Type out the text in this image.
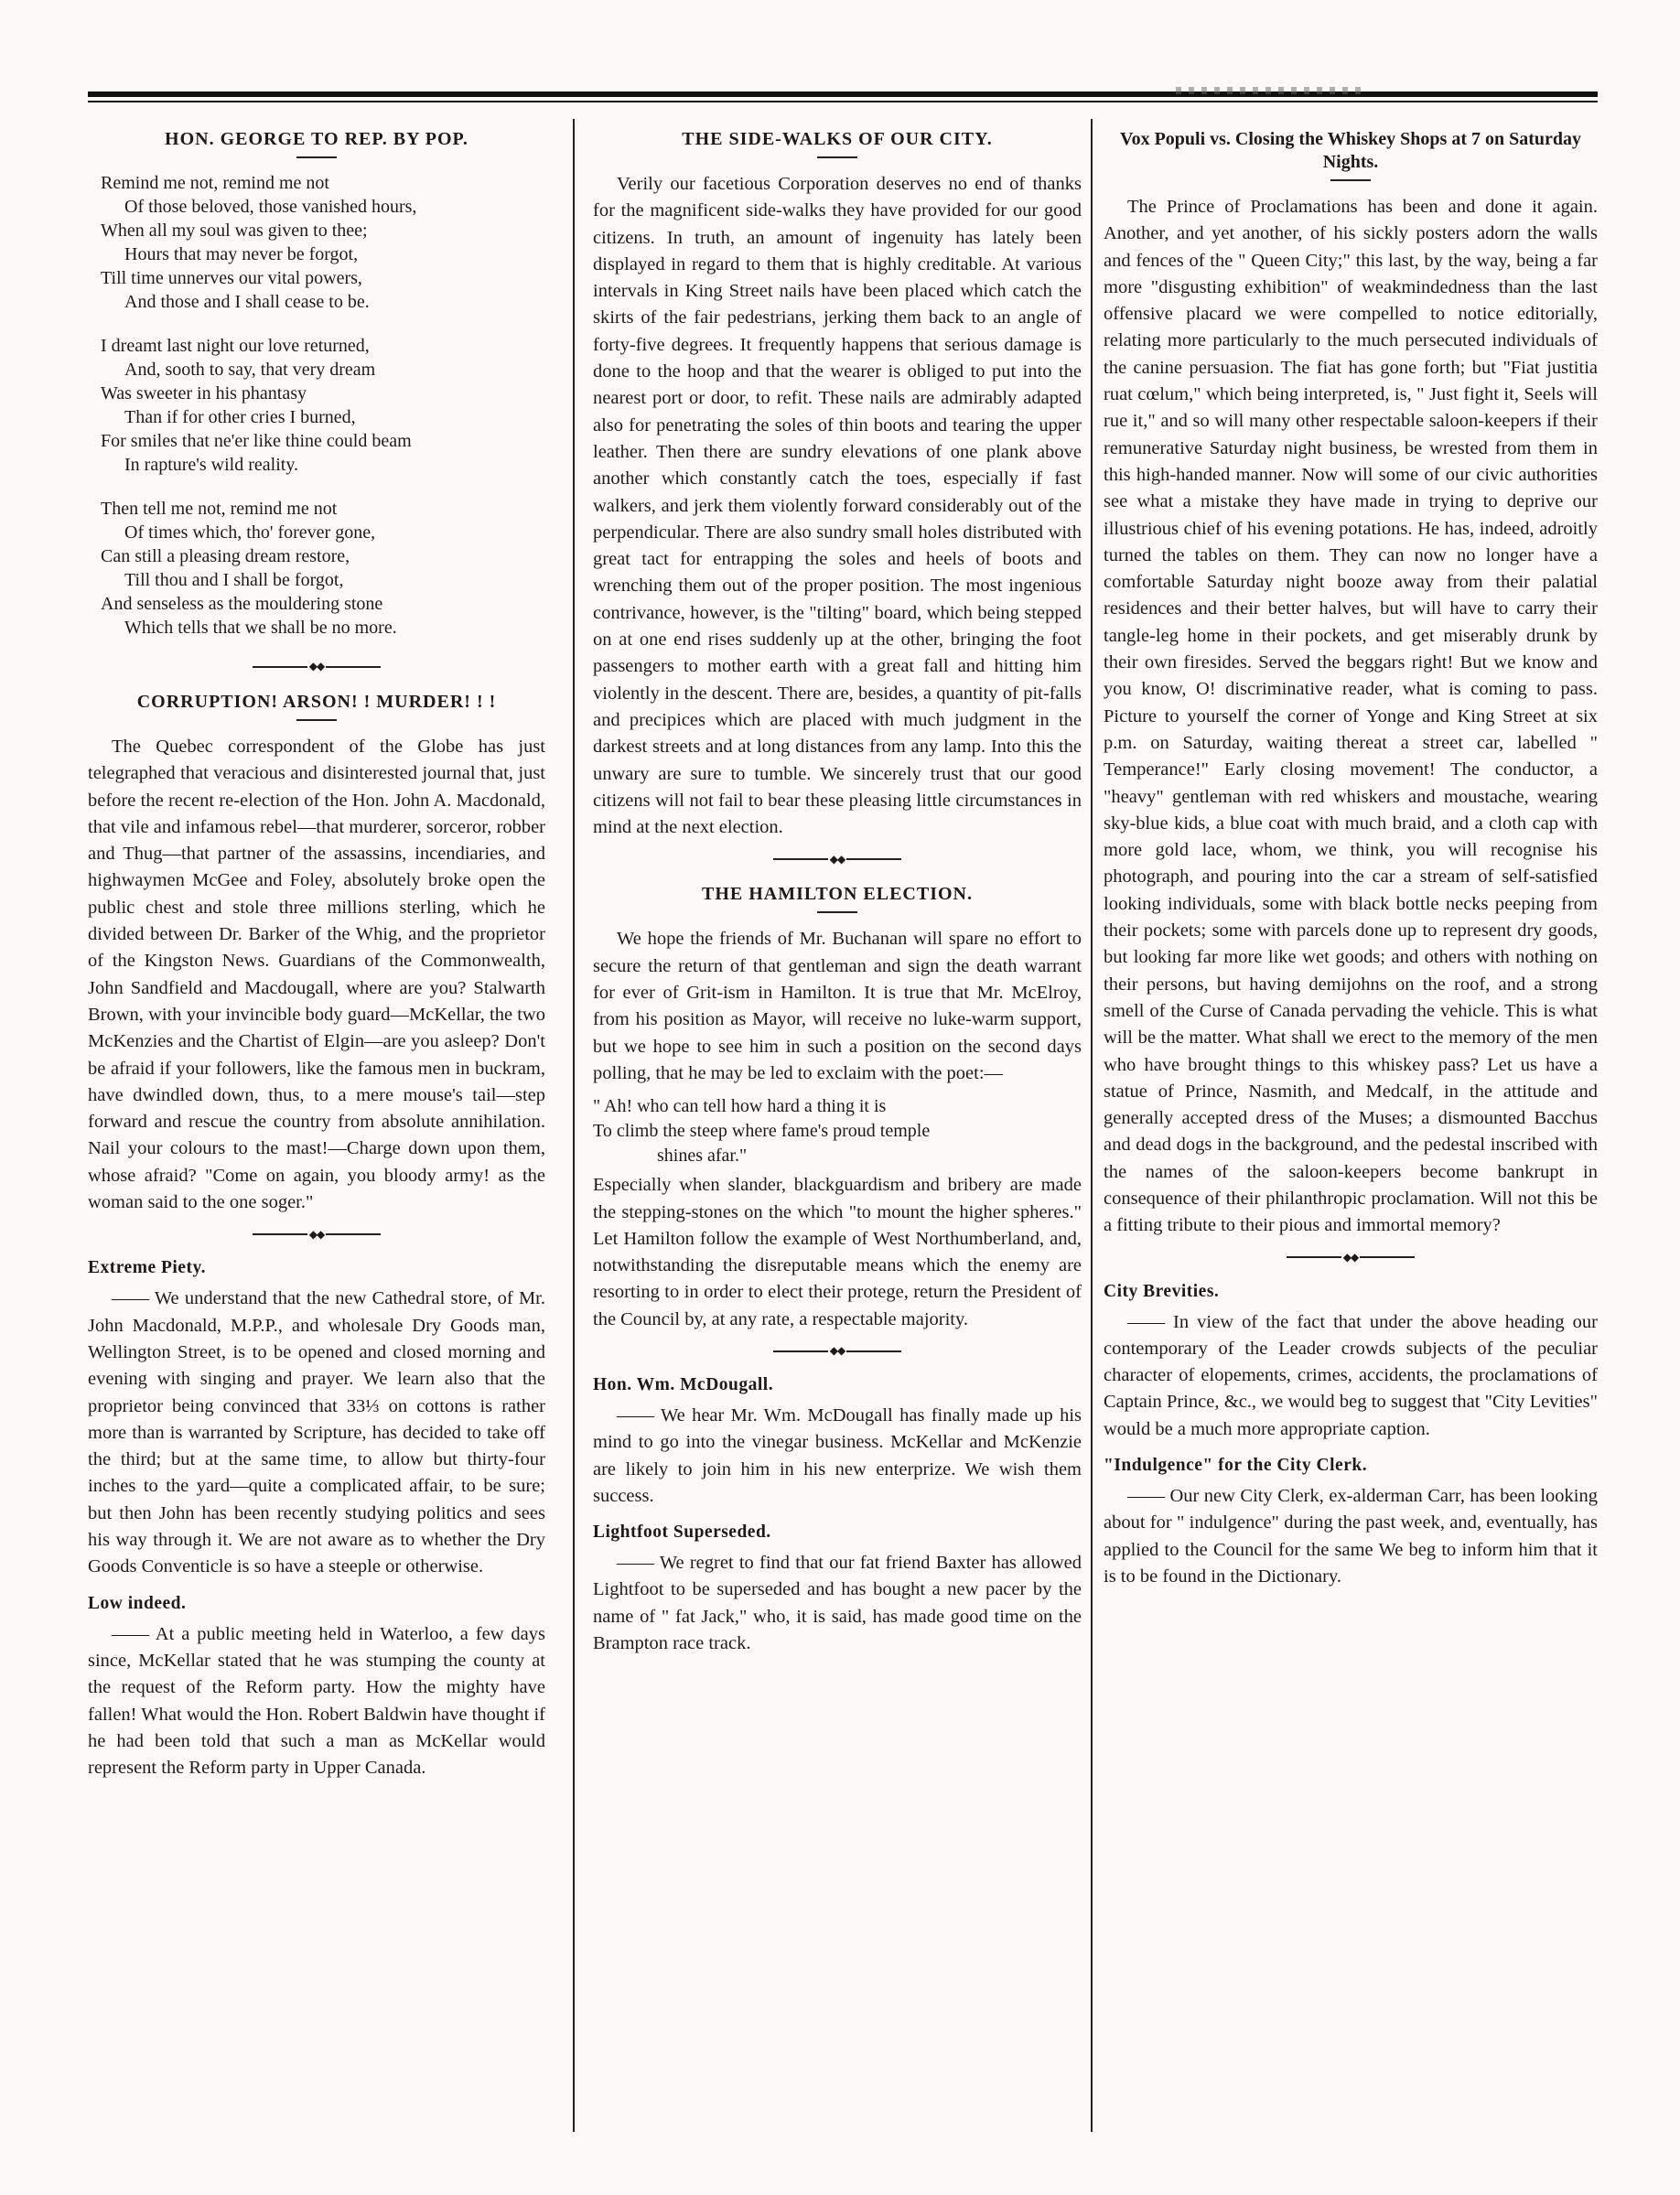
HON. GEORGE TO REP. BY POP.
Remind me not, remind me not
Of those beloved, those vanished hours,
When all my soul was given to thee;
Hours that may never be forgot,
Till time unnerves our vital powers,
And those and I shall cease to be.
I dreamt last night our love returned,
And, sooth to say, that very dream
Was sweeter in his phantasy
Than if for other cries I burned,
For smiles that ne'er like thine could beam
In rapture's wild reality.
Then tell me not, remind me not
Of times which, tho' forever gone,
Can still a pleasing dream restore,
Till thou and I shall be forgot,
And senseless as the mouldering stone
Which tells that we shall be no more.
◆◆
CORRUPTION! ARSON! ! MURDER! ! !

The Quebec correspondent of the Globe has just telegraphed that veracious and disinterested journal that, just before the recent re-election of the Hon. John A. Macdonald, that vile and infamous rebel—that murderer, sorceror, robber and Thug—that partner of the assassins, incendiaries, and highwaymen McGee and Foley, absolutely broke open the public chest and stole three millions sterling, which he divided between Dr. Barker of the Whig, and the proprietor of the Kingston News. Guardians of the Commonwealth, John Sandfield and Macdougall, where are you? Stalwarth Brown, with your invincible body guard—McKellar, the two McKenzies and the Chartist of Elgin—are you asleep? Don't be afraid if your followers, like the famous men in buckram, have dwindled down, thus, to a mere mouse's tail—step forward and rescue the country from absolute annihilation. Nail your colours to the mast!—Charge down upon them, whose afraid? "Come on again, you bloody army! as the woman said to the one soger."

◆◆
Extreme Piety.

—— We understand that the new Cathedral store, of Mr. John Macdonald, M.P.P., and wholesale Dry Goods man, Wellington Street, is to be opened and closed morning and evening with singing and prayer. We learn also that the proprietor being convinced that 33⅓ on cottons is rather more than is warranted by Scripture, has decided to take off the third; but at the same time, to allow but thirty-four inches to the yard—quite a complicated affair, to be sure; but then John has been recently studying politics and sees his way through it. We are not aware as to whether the Dry Goods Conventicle is so have a steeple or otherwise.

Low indeed.

—— At a public meeting held in Waterloo, a few days since, McKellar stated that he was stumping the county at the request of the Reform party. How the mighty have fallen! What would the Hon. Robert Baldwin have thought if he had been told that such a man as McKellar would represent the Reform party in Upper Canada.

THE SIDE-WALKS OF OUR CITY.

Verily our facetious Corporation deserves no end of thanks for the magnificent side-walks they have provided for our good citizens. In truth, an amount of ingenuity has lately been displayed in regard to them that is highly creditable. At various intervals in King Street nails have been placed which catch the skirts of the fair pedestrians, jerking them back to an angle of forty-five degrees. It frequently happens that serious damage is done to the hoop and that the wearer is obliged to put into the nearest port or door, to refit. These nails are admirably adapted also for penetrating the soles of thin boots and tearing the upper leather. Then there are sundry elevations of one plank above another which constantly catch the toes, especially if fast walkers, and jerk them violently forward considerably out of the perpendicular. There are also sundry small holes distributed with great tact for entrapping the soles and heels of boots and wrenching them out of the proper position. The most ingenious contrivance, however, is the "tilting" board, which being stepped on at one end rises suddenly up at the other, bringing the foot passengers to mother earth with a great fall and hitting him violently in the descent. There are, besides, a quantity of pit-falls and precipices which are placed with much judgment in the darkest streets and at long distances from any lamp. Into this the unwary are sure to tumble. We sincerely trust that our good citizens will not fail to bear these pleasing little circumstances in mind at the next election.

◆◆
THE HAMILTON ELECTION.

We hope the friends of Mr. Buchanan will spare no effort to secure the return of that gentleman and sign the death warrant for ever of Grit-ism in Hamilton. It is true that Mr. McElroy, from his position as Mayor, will receive no luke-warm support, but we hope to see him in such a position on the second days polling, that he may be led to exclaim with the poet:—

" Ah! who can tell how hard a thing it is
To climb the steep where fame's proud temple
shines afar."

Especially when slander, blackguardism and bribery are made the stepping-stones on the which "to mount the higher spheres." Let Hamilton follow the example of West Northumberland, and, notwithstanding the disreputable means which the enemy are resorting to in order to elect their protege, return the President of the Council by, at any rate, a respectable majority.

◆◆
Hon. Wm. McDougall.

—— We hear Mr. Wm. McDougall has finally made up his mind to go into the vinegar business. McKellar and McKenzie are likely to join him in his new enterprize. We wish them success.

Lightfoot Superseded.

—— We regret to find that our fat friend Baxter has allowed Lightfoot to be superseded and has bought a new pacer by the name of " fat Jack," who, it is said, has made good time on the Brampton race track.

Vox Populi vs. Closing the Whiskey Shops at 7 on Saturday Nights.

The Prince of Proclamations has been and done it again. Another, and yet another, of his sickly posters adorn the walls and fences of the " Queen City;" this last, by the way, being a far more "disgusting exhibition" of weakmindedness than the last offensive placard we were compelled to notice editorially, relating more particularly to the much persecuted individuals of the canine persuasion. The fiat has gone forth; but "Fiat justitia ruat cœlum," which being interpreted, is, " Just fight it, Seels will rue it," and so will many other respectable saloon-keepers if their remunerative Saturday night business, be wrested from them in this high-handed manner. Now will some of our civic authorities see what a mistake they have made in trying to deprive our illustrious chief of his evening potations. He has, indeed, adroitly turned the tables on them. They can now no longer have a comfortable Saturday night booze away from their palatial residences and their better halves, but will have to carry their tangle-leg home in their pockets, and get miserably drunk by their own firesides. Served the beggars right! But we know and you know, O! discriminative reader, what is coming to pass. Picture to yourself the corner of Yonge and King Street at six p.m. on Saturday, waiting thereat a street car, labelled " Temperance!" Early closing movement! The conductor, a "heavy" gentleman with red whiskers and moustache, wearing sky-blue kids, a blue coat with much braid, and a cloth cap with more gold lace, whom, we think, you will recognise his photograph, and pouring into the car a stream of self-satisfied looking individuals, some with black bottle necks peeping from their pockets; some with parcels done up to represent dry goods, but looking far more like wet goods; and others with nothing on their persons, but having demijohns on the roof, and a strong smell of the Curse of Canada pervading the vehicle. This is what will be the matter. What shall we erect to the memory of the men who have brought things to this whiskey pass? Let us have a statue of Prince, Nasmith, and Medcalf, in the attitude and generally accepted dress of the Muses; a dismounted Bacchus and dead dogs in the background, and the pedestal inscribed with the names of the saloon-keepers become bankrupt in consequence of their philanthropic proclamation. Will not this be a fitting tribute to their pious and immortal memory?

◆◆
City Brevities.

—— In view of the fact that under the above heading our contemporary of the Leader crowds subjects of the peculiar character of elopements, crimes, accidents, the proclamations of Captain Prince, &c., we would beg to suggest that "City Levities" would be a much more appropriate caption.

"Indulgence" for the City Clerk.

—— Our new City Clerk, ex-alderman Carr, has been looking about for " indulgence" during the past week, and, eventually, has applied to the Council for the same We beg to inform him that it is to be found in the Dictionary.
